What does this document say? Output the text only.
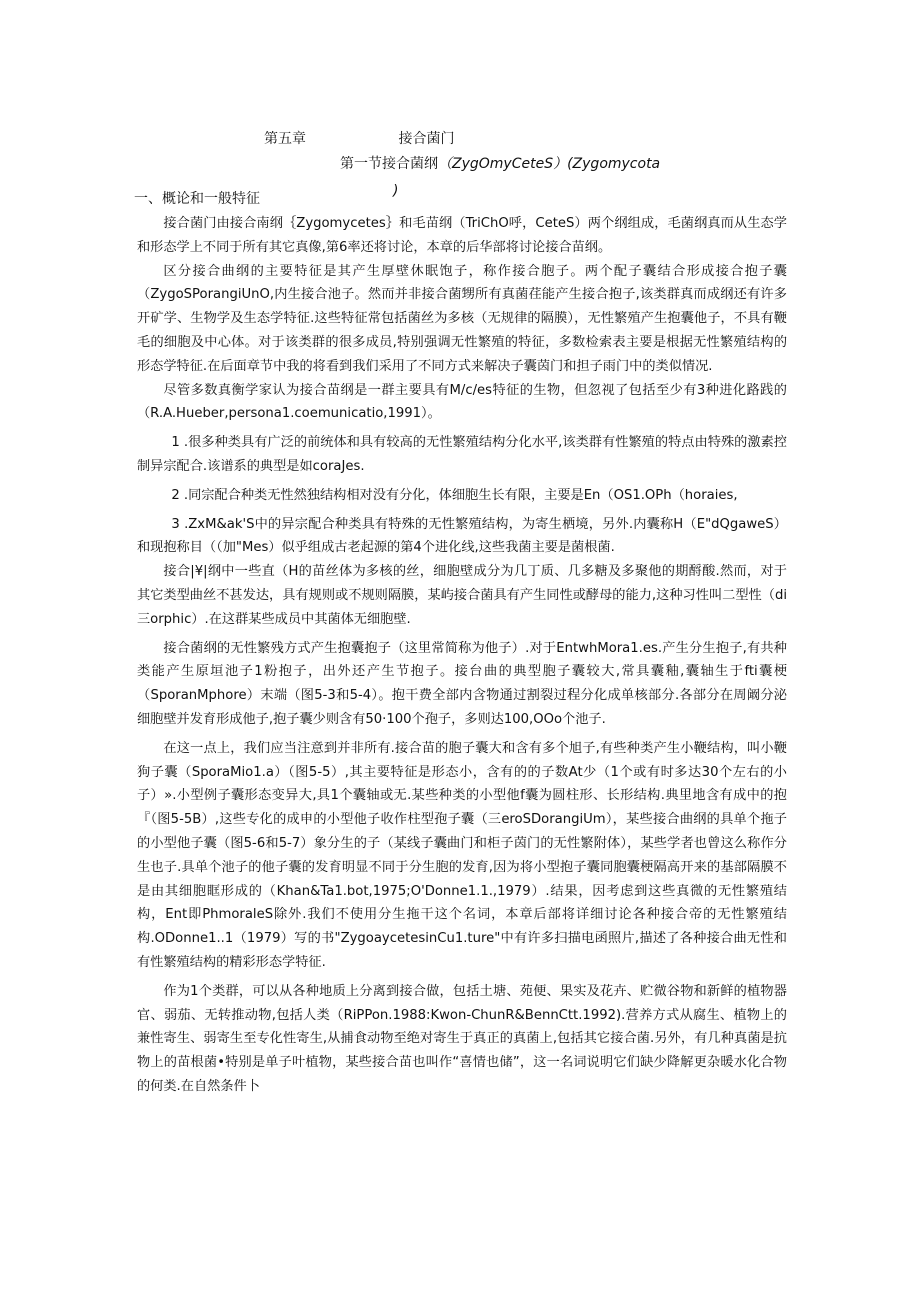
第五章	接合菌门
第一节接合菌纲（ZygOmyCeteS）(Zygomycota
)
一、概论和一般特征

接合菌门由接合南纲｛Zygomycetes｝和毛苗纲（TriChO呼，CeteS）两个纲组成，毛菌纲真而从生态学和形态学上不同于所有其它真像,第6率还将讨论，本章的后华部将讨论接合苗纲。

区分接合曲纲的主要特征是其产生厚壁休眠饱子，称作接合胞子。两个配子囊结合形成接合抱子囊（ZygoSPorangiUnO,内生接合池子。然而并非接合菌甥所有真菌荏能产生接合抱子,该类群真而成纲还有许多开矿学、生物学及生态学特征.这些特征常包括菌丝为多核（无规律的隔膜），无性繁殖产生抱囊他子，不具有鞭毛的细胞及中心体。对于该类群的很多成员,特别强调无性繁殖的特征，多数检索表主要是根据无性繁殖结构的形态学特征.在后面章节中我的将看到我们采用了不同方式来解决子囊茵门和担子雨门中的类似情况.

尽管多数真衡学家认为接合苗纲是一群主要具有M/c/es特征的生物，但忽视了包括至少有3种进化路践的（R.A.Hueber,persona1.coemunicatio,1991）。

1 .很多种类具有广泛的前统体和具有较高的无性繁殖结构分化水平,该类群有性繁殖的特点由特殊的激素控制异宗配合.该谱系的典型是如coraJes.

2 .同宗配合种类无性然独结构相对没有分化，体细胞生长有限，主要是En（OS1.OPh（horaies,

3 .ZxM&ak'S中的异宗配合种类具有特殊的无性繁殖结构，为寄生栖境，另外.内囊称H（E"dQgaweS）和现抱称目（（加"Mes）似乎组成古老起源的第4个进化线,这些我菌主要是菌根菌.

接合|¥|纲中一些直（H的苗丝体为多核的丝，细胞壁成分为几丁质、几多糖及多聚他的期酹酸.然而，对于其它类型曲丝不甚发达，具有规则或不规则隔膜，某屿接合菌具有产生同性或酵母的能力,这种习性叫二型性（di三orphic）.在这群某些成员中其菌体无细胞壁.

接合菌纲的无性繁残方式产生抱囊抱子（这里常简称为他子）.对于EntwhMora1.es.产生分生抱子,有共种类能产生原垣池子1粉抱子，出外还产生节抱子。接台曲的典型胞子囊较大,常具囊釉,囊轴生于fti囊梗（SporanMphore）末端（图5-3和5-4）。抱干费全部内含物通过割裂过程分化成单核部分.各部分在周阚分泌细胞壁并发育形成他子,抱子囊少则含有50·100个孢子，多则达100,OOo个池子.

在这一点上，我们应当注意到并非所有.接合苗的胞子囊大和含有多个旭子,有些种类产生小鞭结构，叫小鞭狗子囊（SporaMio1.a）（图5-5）,其主要特征是形态小，含有的的子数At少（1个或有时多达30个左右的小子）».小型例子囊形态变异大,具1个囊轴或无.某些种类的小型他f囊为圆柱形、长形结构.典里地含有成中的抱『（图5-5B）,这些专化的成申的小型他子收作柱型孢子囊（三eroSDorangiUm），某些接合曲纲的具单个拖子的小型他子囊（图5-6和5-7）象分生的子（某线子囊曲门和柜子茵门的无性繁附体），某些学者也曾这么称作分生也子.具单个池子的他子囊的发育明显不同于分生胞的发育,因为将小型抱子囊同胞囊梗隔高开来的基部隔膜不是由其细胞眶形成的（Khan&Ta1.bot,1975;O'Donne1.1.,1979）.结果，因考虑到这些真微的无性繁殖结构，Ent即PhmoraleS除外.我们不使用分生拖干这个名词，本章后部将详细讨论各种接合帝的无性繁殖结构.ODonne1..1（1979）写的书"ZygoaycetesinCu1.ture"中有许多扫描电函照片,描述了各种接合曲无性和有性繁殖结构的精彩形态学特征.

作为1个类群，可以从各种地质上分离到接合做，包括土塘、苑便、果实及花卉、贮微谷物和新鲜的植物器官、弱茄、无转推动物,包括人类（RiPPon.1988:Kwon-ChunR&BennCtt.1992).营养方式从腐生、植物上的兼性寄生、弱寄生至专化性寄生,从捕食动物至绝对寄生于真正的真菌上,包括其它接合菌.另外，有几种真菌是抗物上的苗根菌•特别是单子叶植物，某些接合苗也叫作“喜情也储”，这一名词说明它们缺少降解更杂暖水化合物的何类.在自然条件卜
